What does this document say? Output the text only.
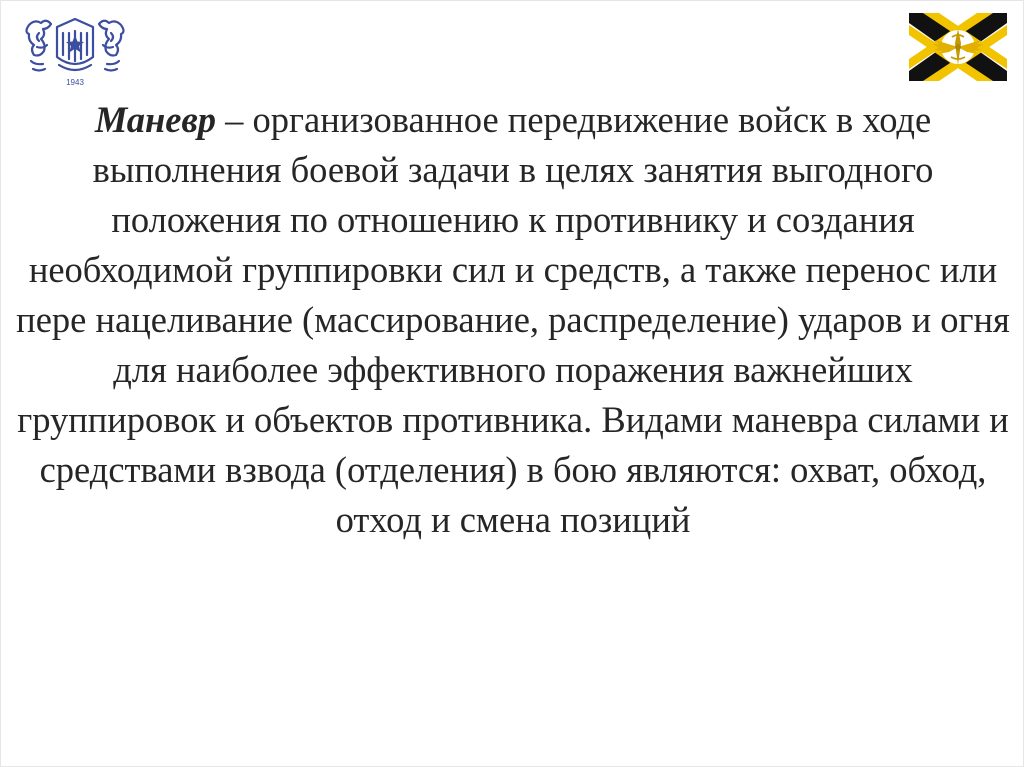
1943

Маневр – организованное передвижение войск в ходе выполнения боевой задачи в целях занятия выгодного положения по отношению к противнику и создания необходимой группировки сил и средств, а также перенос или пере нацеливание (массирование, распределение) ударов и огня для наиболее эффективного поражения важнейших группировок и объектов противника. Видами маневра силами и средствами взвода (отделения) в бою являются: охват, обход, отход и смена позиций
